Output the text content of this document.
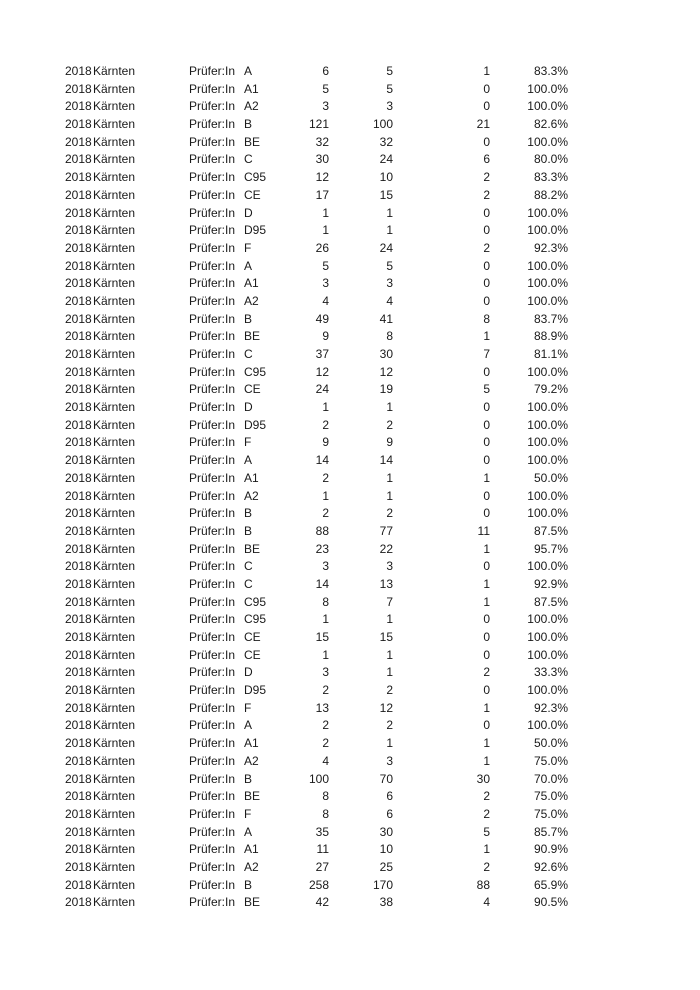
2018 Kärnten	Prüfer:In A	6	5	1	83.3%
2018 Kärnten	Prüfer:In A1	5	5	0	100.0%
2018 Kärnten	Prüfer:In A2	3	3	0	100.0%
2018 Kärnten	Prüfer:In B	121	100	21	82.6%
2018 Kärnten	Prüfer:In BE	32	32	0	100.0%
2018 Kärnten	Prüfer:In C	30	24	6	80.0%
2018 Kärnten	Prüfer:In C95	12	10	2	83.3%
2018 Kärnten	Prüfer:In CE	17	15	2	88.2%
2018 Kärnten	Prüfer:In D	1	1	0	100.0%
2018 Kärnten	Prüfer:In D95	1	1	0	100.0%
2018 Kärnten	Prüfer:In F	26	24	2	92.3%
2018 Kärnten	Prüfer:In A	5	5	0	100.0%
2018 Kärnten	Prüfer:In A1	3	3	0	100.0%
2018 Kärnten	Prüfer:In A2	4	4	0	100.0%
2018 Kärnten	Prüfer:In B	49	41	8	83.7%
2018 Kärnten	Prüfer:In BE	9	8	1	88.9%
2018 Kärnten	Prüfer:In C	37	30	7	81.1%
2018 Kärnten	Prüfer:In C95	12	12	0	100.0%
2018 Kärnten	Prüfer:In CE	24	19	5	79.2%
2018 Kärnten	Prüfer:In D	1	1	0	100.0%
2018 Kärnten	Prüfer:In D95	2	2	0	100.0%
2018 Kärnten	Prüfer:In F	9	9	0	100.0%
2018 Kärnten	Prüfer:In A	14	14	0	100.0%
2018 Kärnten	Prüfer:In A1	2	1	1	50.0%
2018 Kärnten	Prüfer:In A2	1	1	0	100.0%
2018 Kärnten	Prüfer:In B	2	2	0	100.0%
2018 Kärnten	Prüfer:In B	88	77	11	87.5%
2018 Kärnten	Prüfer:In BE	23	22	1	95.7%
2018 Kärnten	Prüfer:In C	3	3	0	100.0%
2018 Kärnten	Prüfer:In C	14	13	1	92.9%
2018 Kärnten	Prüfer:In C95	8	7	1	87.5%
2018 Kärnten	Prüfer:In C95	1	1	0	100.0%
2018 Kärnten	Prüfer:In CE	15	15	0	100.0%
2018 Kärnten	Prüfer:In CE	1	1	0	100.0%
2018 Kärnten	Prüfer:In D	3	1	2	33.3%
2018 Kärnten	Prüfer:In D95	2	2	0	100.0%
2018 Kärnten	Prüfer:In F	13	12	1	92.3%
2018 Kärnten	Prüfer:In A	2	2	0	100.0%
2018 Kärnten	Prüfer:In A1	2	1	1	50.0%
2018 Kärnten	Prüfer:In A2	4	3	1	75.0%
2018 Kärnten	Prüfer:In B	100	70	30	70.0%
2018 Kärnten	Prüfer:In BE	8	6	2	75.0%
2018 Kärnten	Prüfer:In F	8	6	2	75.0%
2018 Kärnten	Prüfer:In A	35	30	5	85.7%
2018 Kärnten	Prüfer:In A1	11	10	1	90.9%
2018 Kärnten	Prüfer:In A2	27	25	2	92.6%
2018 Kärnten	Prüfer:In B	258	170	88	65.9%
2018 Kärnten	Prüfer:In BE	42	38	4	90.5%
